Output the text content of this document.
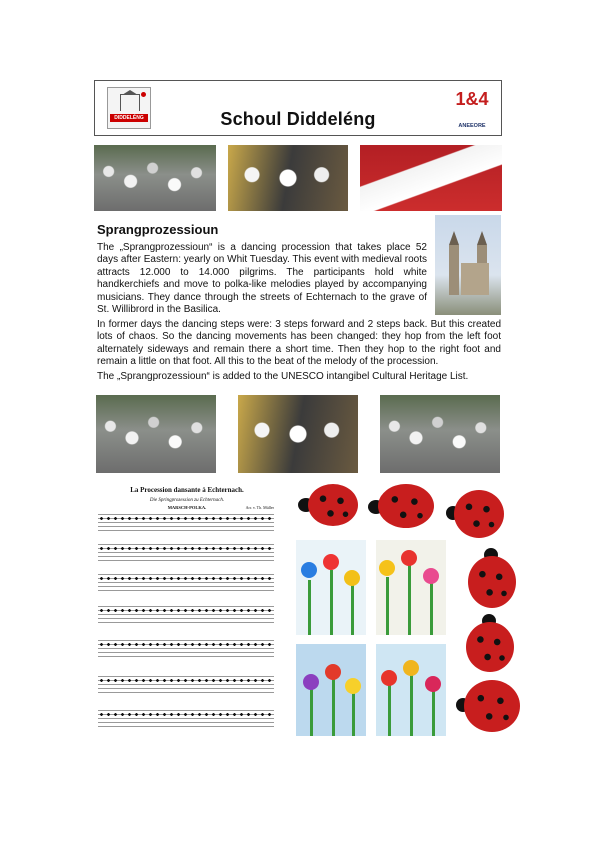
DIDDELÉNG	Schoul Diddeléng
1&4
ANEEORE
Sprangprozessioun
The „Sprangprozessioun“ is a dancing procession that takes place 52 days after Eastern: yearly on Whit Tuesday. This event with medieval roots attracts 12.000 to 14.000 pilgrims. The participants hold white handkerchiefs and move to polka-like melodies played by accompanying musicians. They dance through the streets of Echternach to the grave of St. Willibrord in the Basilica.
In former days the dancing steps were: 3 steps forward and 2 steps back. But this created lots of chaos. So the dancing movements has been changed: they hop from the left foot alternately sideways and remain there a short time. Then they hop to the right foot and remain a little on that foot. All this to the beat of the melody of the procession.
The „Sprangprozessioun“ is added to the UNESCO intangibel Cultural Heritage List.
La Procession dansante à Echternach.
Die Springprozession zu Echternach.
MARSCH-POLKA.	Arr. v. Th. Müller
